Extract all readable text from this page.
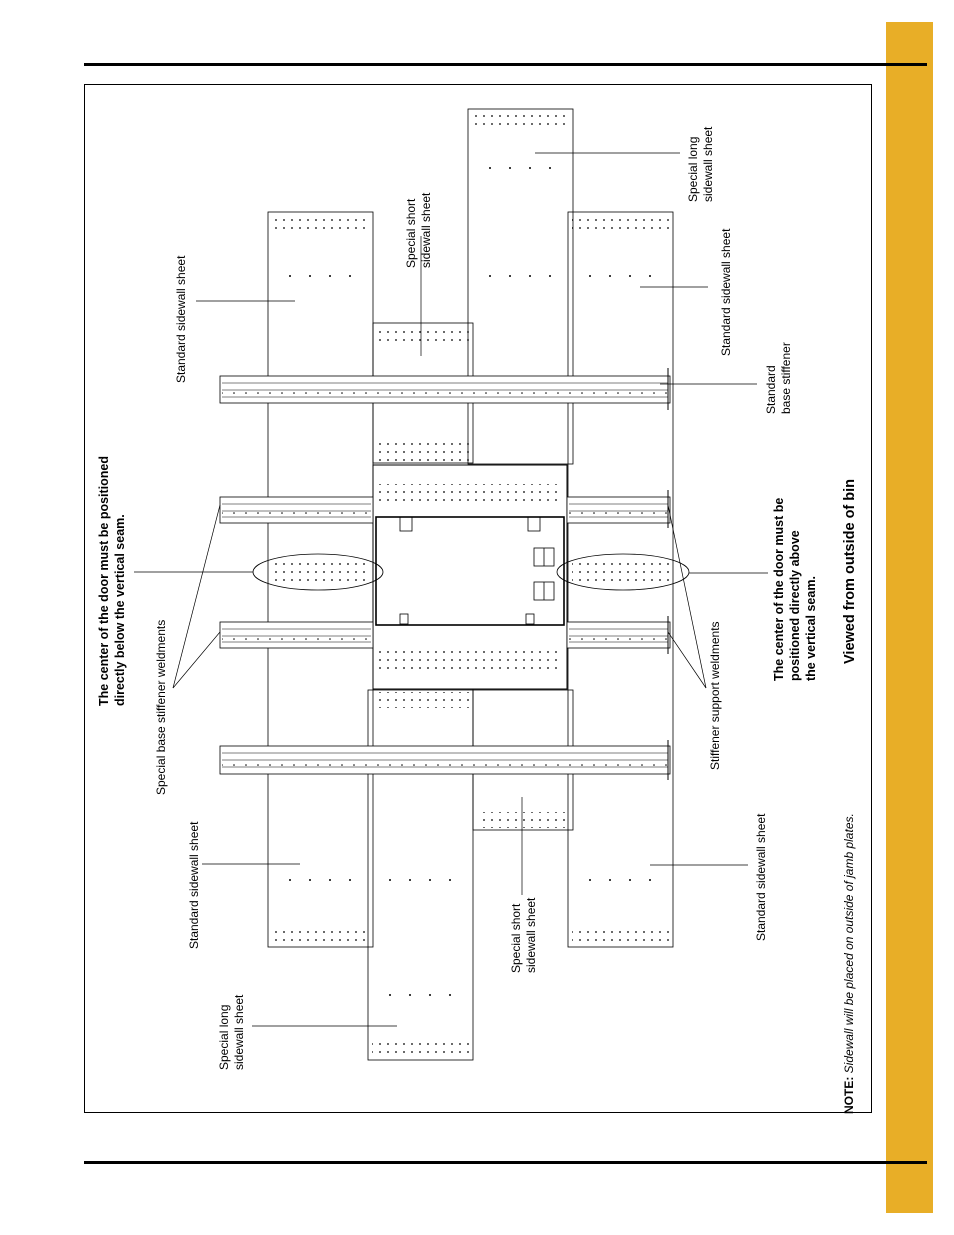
Standard sidewall sheet
Special short sidewall sheet
Special long sidewall sheet
Standard sidewall sheet
Standard base stiffener
The center of the door must be positioned directly below the vertical seam.
Special base stiffener weldments	Stiffener support weldments
The center of the door must be positioned directly above the vertical seam. Viewed from outside of bin
Standard sidewall sheet	Special short sidewall sheet	Standard sidewall sheet
Special long sidewall sheet
NOTE: Sidewall will be placed on outside of jamb plates.
